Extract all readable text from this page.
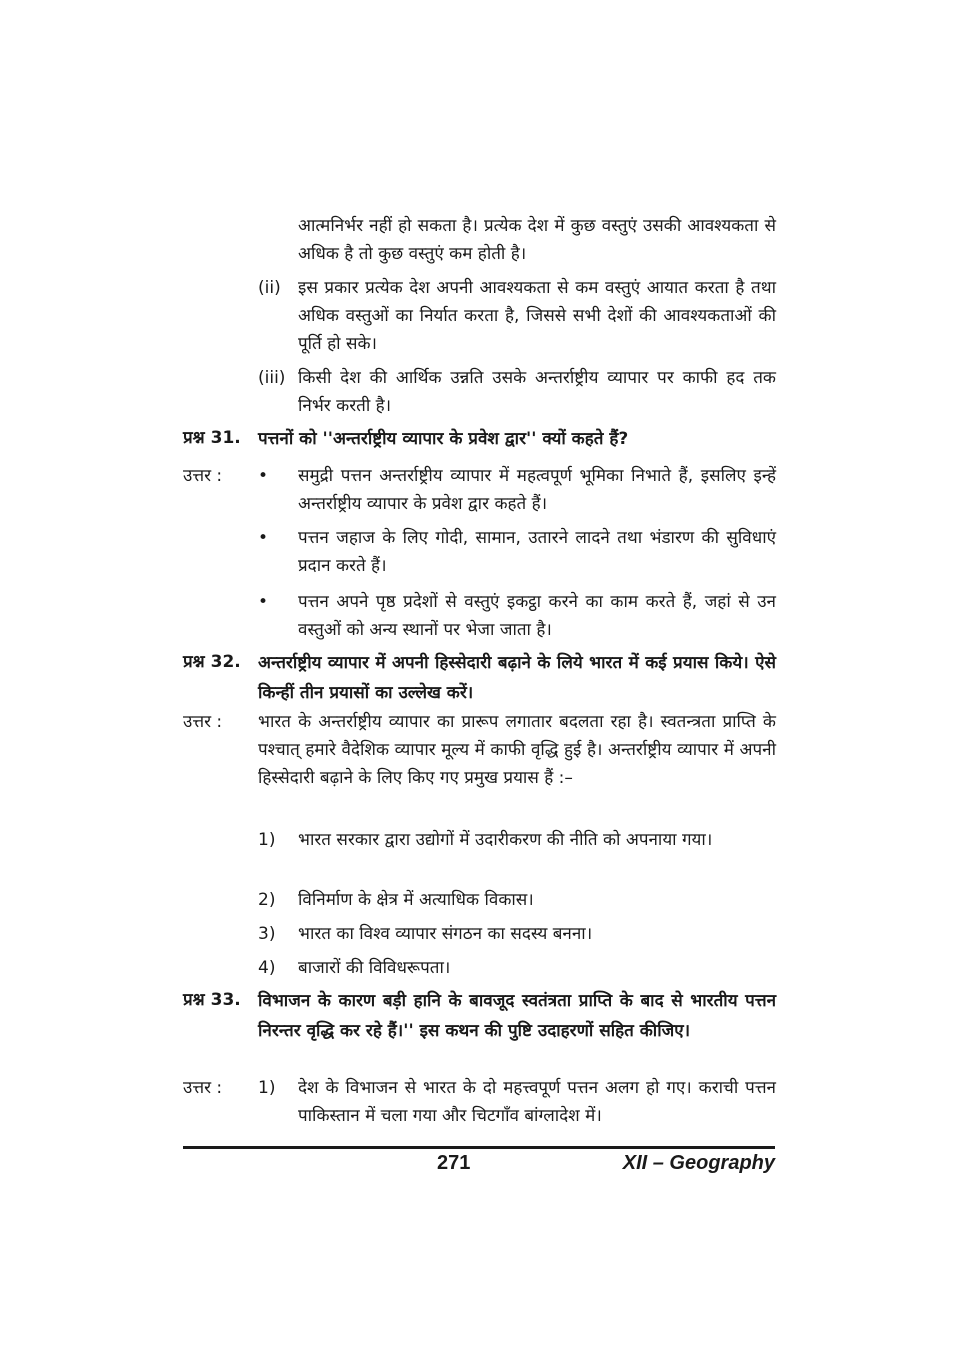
आत्मनिर्भर नहीं हो सकता है। प्रत्येक देश में कुछ वस्तुएं उसकी आवश्यकता से अधिक है तो कुछ वस्तुएं कम होती है।

(ii) इस प्रकार प्रत्येक देश अपनी आवश्यकता से कम वस्तुएं आयात करता है तथा अधिक वस्तुओं का निर्यात करता है, जिससे सभी देशों की आवश्यकताओं की पूर्ति हो सके।

(iii) किसी देश की आर्थिक उन्नति उसके अन्तर्राष्ट्रीय व्यापार पर काफी हद तक निर्भर करती है।

प्रश्न 31. पत्तनों को ''अन्तर्राष्ट्रीय व्यापार के प्रवेश द्वार'' क्यों कहते हैं?

उत्तर : • समुद्री पत्तन अन्तर्राष्ट्रीय व्यापार में महत्वपूर्ण भूमिका निभाते हैं, इसलिए इन्हें अन्तर्राष्ट्रीय व्यापार के प्रवेश द्वार कहते हैं।

• पत्तन जहाज के लिए गोदी, सामान, उतारने लादने तथा भंडारण की सुविधाएं प्रदान करते हैं।

• पत्तन अपने पृष्ठ प्रदेशों से वस्तुएं इकट्ठा करने का काम करते हैं, जहां से उन वस्तुओं को अन्य स्थानों पर भेजा जाता है।

प्रश्न 32. अन्तर्राष्ट्रीय व्यापार में अपनी हिस्सेदारी बढ़ाने के लिये भारत में कई प्रयास किये। ऐसे किन्हीं तीन प्रयासों का उल्लेख करें।

उत्तर : भारत के अन्तर्राष्ट्रीय व्यापार का प्रारूप लगातार बदलता रहा है। स्वतन्त्रता प्राप्ति के पश्चात् हमारे वैदेशिक व्यापार मूल्य में काफी वृद्धि हुई है। अन्तर्राष्ट्रीय व्यापार में अपनी हिस्सेदारी बढ़ाने के लिए किए गए प्रमुख प्रयास हैं :–

1) भारत सरकार द्वारा उद्योगों में उदारीकरण की नीति को अपनाया गया।

2) विनिर्माण के क्षेत्र में अत्याधिक विकास।

3) भारत का विश्व व्यापार संगठन का सदस्य बनना।

4) बाजारों की विविधरूपता।

प्रश्न 33. विभाजन के कारण बड़ी हानि के बावजूद स्वतंत्रता प्राप्ति के बाद से भारतीय पत्तन निरन्तर वृद्धि कर रहे हैं।'' इस कथन की पुष्टि उदाहरणों सहित कीजिए।

उत्तर : 1) देश के विभाजन से भारत के दो महत्त्वपूर्ण पत्तन अलग हो गए। कराची पत्तन पाकिस्तान में चला गया और चिटगाँव बांग्लादेश में।

271	XII – Geography
